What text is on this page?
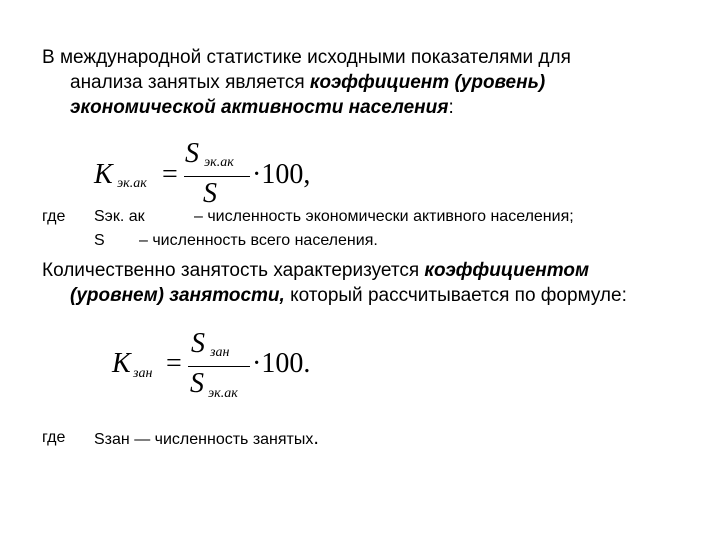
В международной статистике исходными показателями для
анализа занятых является коэффициент (уровень)
экономической активности населения:
K эк.ак =
S эк.ак
S
·100,
где Sэк. ак	– численность экономически активного населения;
S – численность всего населения.
Количественно занятость характеризуется коэффициентом
(уровнем) занятости, который рассчитывается по формуле:
K зан =
S зан
S эк.ак
·100.
где Sзан — численность занятых.
